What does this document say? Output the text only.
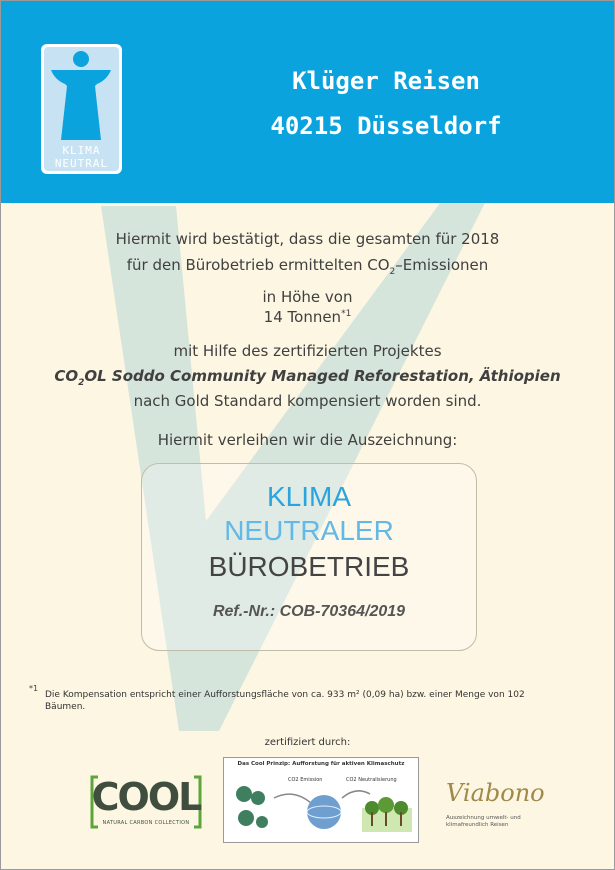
KLIMA
NEUTRAL
Klüger Reisen
40215 Düsseldorf
Hiermit wird bestätigt, dass die gesamten für 2018
für den Bürobetrieb ermittelten $CO_2$–Emissionen
in Höhe von
14 Tonnen$^{*1}$
mit Hilfe des zertifizierten Projektes
$CO_2OL$ Soddo Community Managed Reforestation, Äthiopien
nach Gold Standard kompensiert worden sind.
Hiermit verleihen wir die Auszeichnung:
KLIMA
NEUTRALER
BÜROBETRIEB
Ref.-Nr.: COB-70364/2019
*1
Die Kompensation entspricht einer Aufforstungsfläche von ca. 933 m² (0,09 ha) bzw. einer Menge von 102 Bäumen.
zertifiziert durch:
COOL
NATURAL CARBON COLLECTION
Das Cool Prinzip: Aufforstung für aktiven Klimaschutz
CO2 Emission	CO2 Neutralisierung Viabono
Auszeichnung umwelt- und klimafreundlich Reisen
